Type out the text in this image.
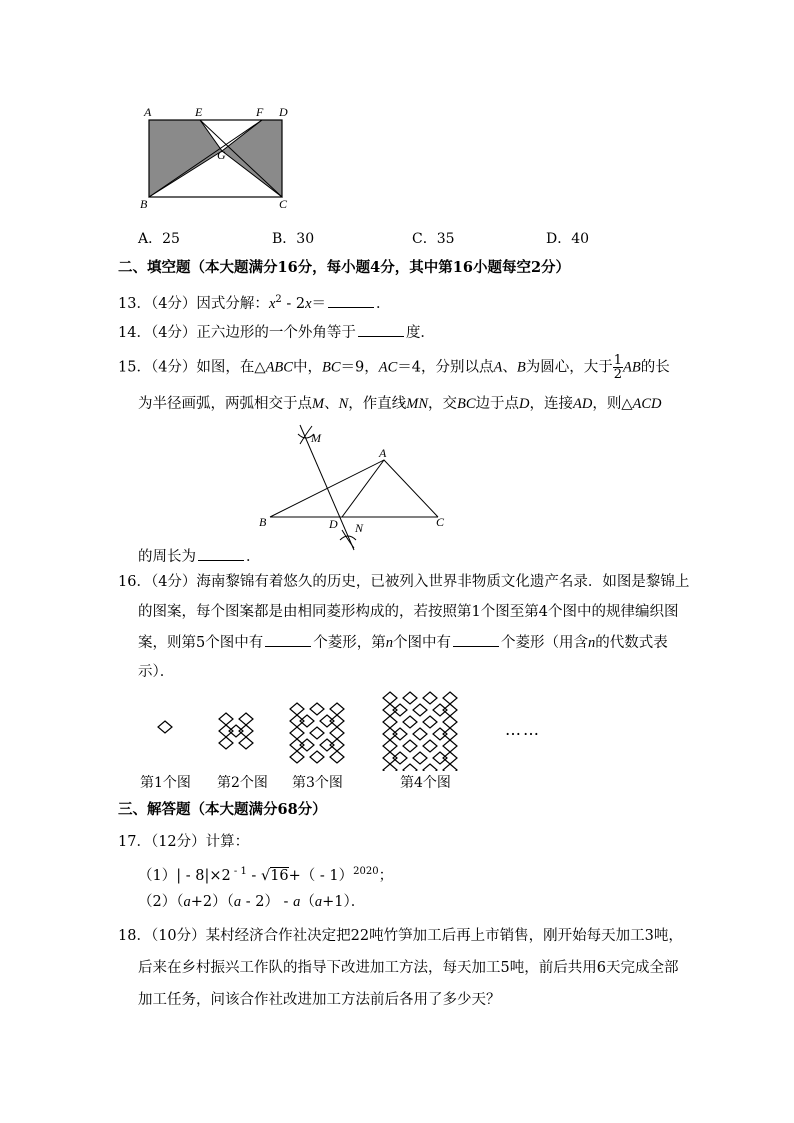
A	E	F D
G
B	C
A．25	B．30	C．35	D．40
二、填空题（本大题满分16分，每小题4分，其中第16小题每空2分）
13．（4分）因式分解：$x^2 - 2x=$	．
14．（4分）正六边形的一个外角等于	度．
15．（4分）如图，在△ABC中，BC＝9，AC＝4，分别以点A、B为圆心，大于 $\frac{1}{2}$ AB的长
为半径画弧，两弧相交于点M、N，作直线MN，交BC边于点D，连接AD，则△ACD
M
A
B	D N	C
的周长为	．
16．（4分）海南黎锦有着悠久的历史，已被列入世界非物质文化遗产名录．如图是黎锦上
的图案，每个图案都是由相同菱形构成的，若按照第1个图至第4个图中的规律编织图
案，则第5个图中有	个菱形，第n个图中有	个菱形（用含n的代数式表
示）．
……
第1个图 第2个图 第3个图	第4个图
三、解答题（本大题满分68分）
17．（12分）计算：
（1）| - 8|×2 $^{- 1}$ - √16+（ - 1）$^{2020}$；
（2）（a+2）（a - 2） - a（a+1）．
18．（10分）某村经济合作社决定把22吨竹笋加工后再上市销售，刚开始每天加工3吨，
后来在乡村振兴工作队的指导下改进加工方法，每天加工5吨，前后共用6天完成全部
加工任务，问该合作社改进加工方法前后各用了多少天？
